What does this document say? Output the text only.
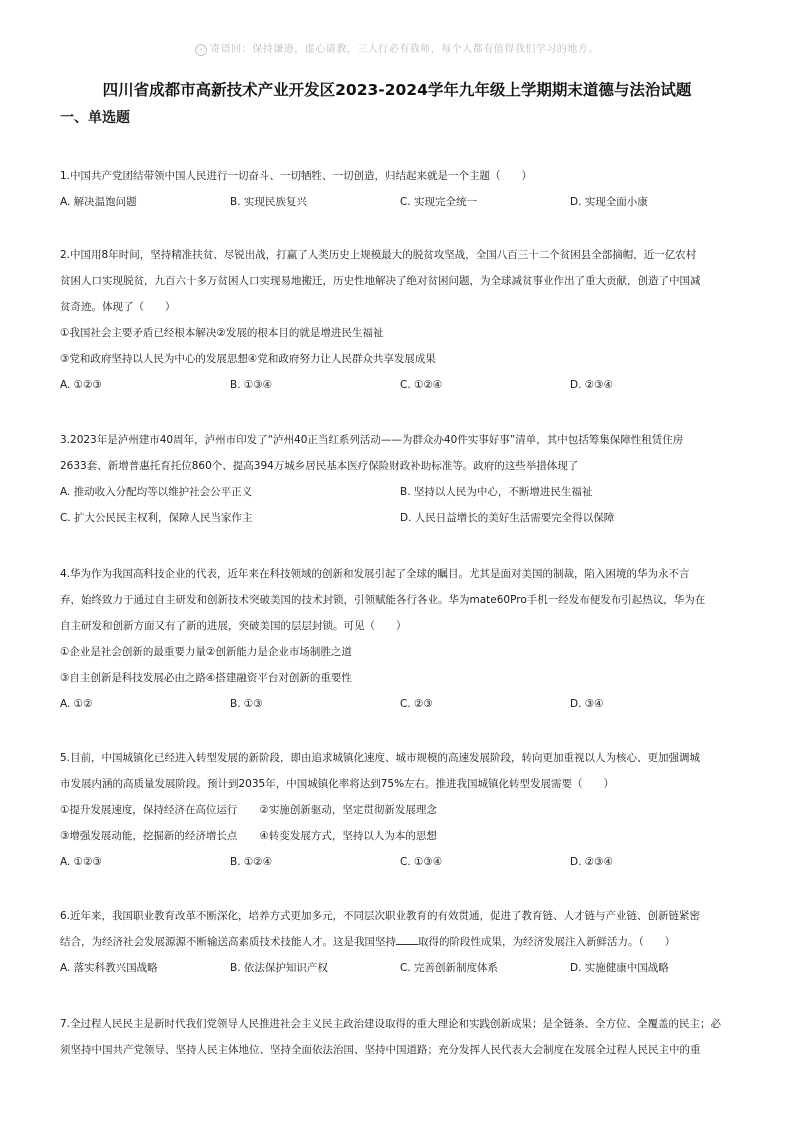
ⓢ 寄语回：保持谦逊，虚心请教，三人行必有我师，每个人都有值得我们学习的地方。
四川省成都市高新技术产业开发区2023-2024学年九年级上学期期末道德与法治试题
一、单选题
1.中国共产党团结带领中国人民进行一切奋斗、一切牺牲、一切创造，归结起来就是一个主题（　　）
A. 解决温饱问题	B. 实现民族复兴	C. 实现完全统一	D. 实现全面小康
2.中国用8年时间，坚持精准扶贫、尽锐出战，打赢了人类历史上规模最大的脱贫攻坚战，全国八百三十二个贫困县全部摘帽，近一亿农村
贫困人口实现脱贫，九百六十多万贫困人口实现易地搬迁，历史性地解决了绝对贫困问题，为全球减贫事业作出了重大贡献，创造了中国减
贫奇迹。体现了（　　）
①我国社会主要矛盾已经根本解决②发展的根本目的就是增进民生福祉
③党和政府坚持以人民为中心的发展思想④党和政府努力让人民群众共享发展成果
A. ①②③	B. ①③④	C. ①②④	D. ②③④
3.2023年是泸州建市40周年，泸州市印发了“泸州40正当红系列活动——为群众办40件实事好事”清单，其中包括筹集保障性租赁住房
2633套、新增普惠托育托位860个、提高394万城乡居民基本医疗保险财政补助标准等。政府的这些举措体现了
A. 推动收入分配均等以维护社会公平正义	B. 坚持以人民为中心，不断增进民生福祉
C. 扩大公民民主权利，保障人民当家作主	D. 人民日益增长的美好生活需要完全得以保障
4.华为作为我国高科技企业的代表，近年来在科技领域的创新和发展引起了全球的瞩目。尤其是面对美国的制裁，陷入困境的华为永不言
弃，始终致力于通过自主研发和创新技术突破美国的技术封锁，引领赋能各行各业。华为mate60Pro手机一经发布便发布引起热议，华为在
自主研发和创新方面又有了新的进展，突破美国的层层封锁。可见（　　）
①企业是社会创新的最重要力量②创新能力是企业市场制胜之道
③自主创新是科技发展必由之路④搭建融资平台对创新的重要性
A. ①②	B. ①③	C. ②③	D. ③④
5.目前，中国城镇化已经进入转型发展的新阶段，即由追求城镇化速度、城市规模的高速发展阶段，转向更加重视以人为核心、更加强调城
市发展内涵的高质量发展阶段。预计到2035年，中国城镇化率将达到75%左右。推进我国城镇化转型发展需要（　　）
①提升发展速度，保持经济在高位运行 ②实施创新驱动，坚定贯彻新发展理念
③增强发展动能，挖掘新的经济增长点 ④转变发展方式，坚持以人为本的思想
A. ①②③	B. ①②④	C. ①③④	D. ②③④
6.近年来，我国职业教育改革不断深化，培养方式更加多元，不同层次职业教育的有效贯通，促进了教育链、人才链与产业链、创新链紧密
结合，为经济社会发展源源不断输送高素质技术技能人才。这是我国坚持 取得的阶段性成果，为经济发展注入新鲜活力。（　　）
A. 落实科教兴国战略	B. 依法保护知识产权	C. 完善创新制度体系	D. 实施健康中国战略
7.全过程人民民主是新时代我们党领导人民推进社会主义民主政治建设取得的重大理论和实践创新成果；是全链条、全方位、全覆盖的民主；必
须坚持中国共产党领导、坚持人民主体地位、坚持全面依法治国、坚持中国道路；充分发挥人民代表大会制度在发展全过程人民民主中的重
